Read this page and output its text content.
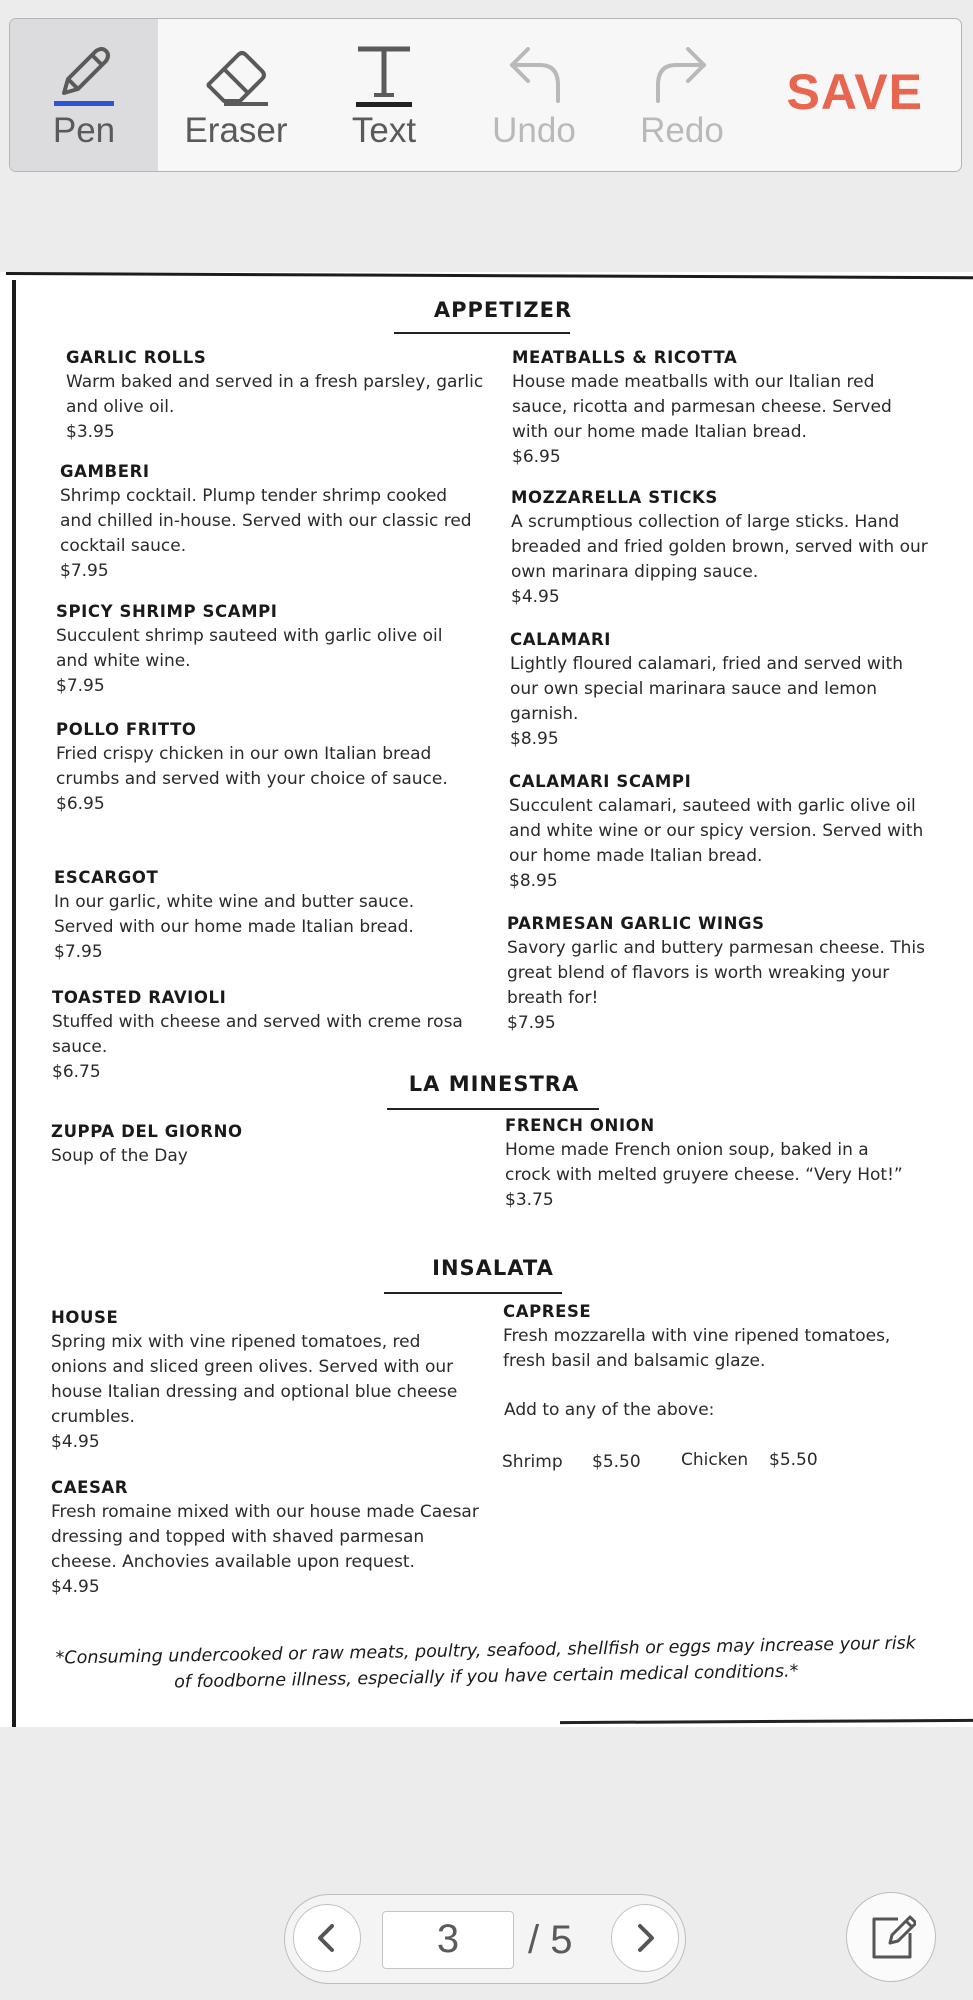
Pen	Eraser	Text	Undo	Redo
SAVE
APPETIZER
GARLIC ROLLS
Warm baked and served in a fresh parsley, garlic and olive oil.
$3.95
GAMBERI
Shrimp cocktail. Plump tender shrimp cooked and chilled in-house. Served with our classic red cocktail sauce.
$7.95
SPICY SHRIMP SCAMPI
Succulent shrimp sauteed with garlic olive oil and white wine.
$7.95
POLLO FRITTO
Fried crispy chicken in our own Italian bread crumbs and served with your choice of sauce.
$6.95
ESCARGOT
In our garlic, white wine and butter sauce. Served with our home made Italian bread.
$7.95
TOASTED RAVIOLI
Stuffed with cheese and served with creme rosa sauce.
$6.75
MEATBALLS & RICOTTA
House made meatballs with our Italian red sauce, ricotta and parmesan cheese. Served with our home made Italian bread.
$6.95
MOZZARELLA STICKS
A scrumptious collection of large sticks. Hand breaded and fried golden brown, served with our own marinara dipping sauce.
$4.95
CALAMARI
Lightly floured calamari, fried and served with our own special marinara sauce and lemon garnish.
$8.95
CALAMARI SCAMPI
Succulent calamari, sauteed with garlic olive oil and white wine or our spicy version. Served with our home made Italian bread.
$8.95
PARMESAN GARLIC WINGS
Savory garlic and buttery parmesan cheese. This great blend of flavors is worth wreaking your breath for!
$7.95
LA MINESTRA
ZUPPA DEL GIORNO
Soup of the Day
FRENCH ONION
Home made French onion soup, baked in a crock with melted gruyere cheese. “Very Hot!”
$3.75
INSALATA
HOUSE
Spring mix with vine ripened tomatoes, red onions and sliced green olives. Served with our house Italian dressing and optional blue cheese crumbles.
$4.95
CAESAR
Fresh romaine mixed with our house made Caesar dressing and topped with shaved parmesan cheese. Anchovies available upon request.
$4.95
CAPRESE
Fresh mozzarella with vine ripened tomatoes, fresh basil and balsamic glaze.
Add to any of the above:
Shrimp $5.50 Chicken $5.50
*Consuming undercooked or raw meats, poultry, seafood, shellfish or eggs may increase your risk of foodborne illness, especially if you have certain medical conditions.*
3	/ 5
